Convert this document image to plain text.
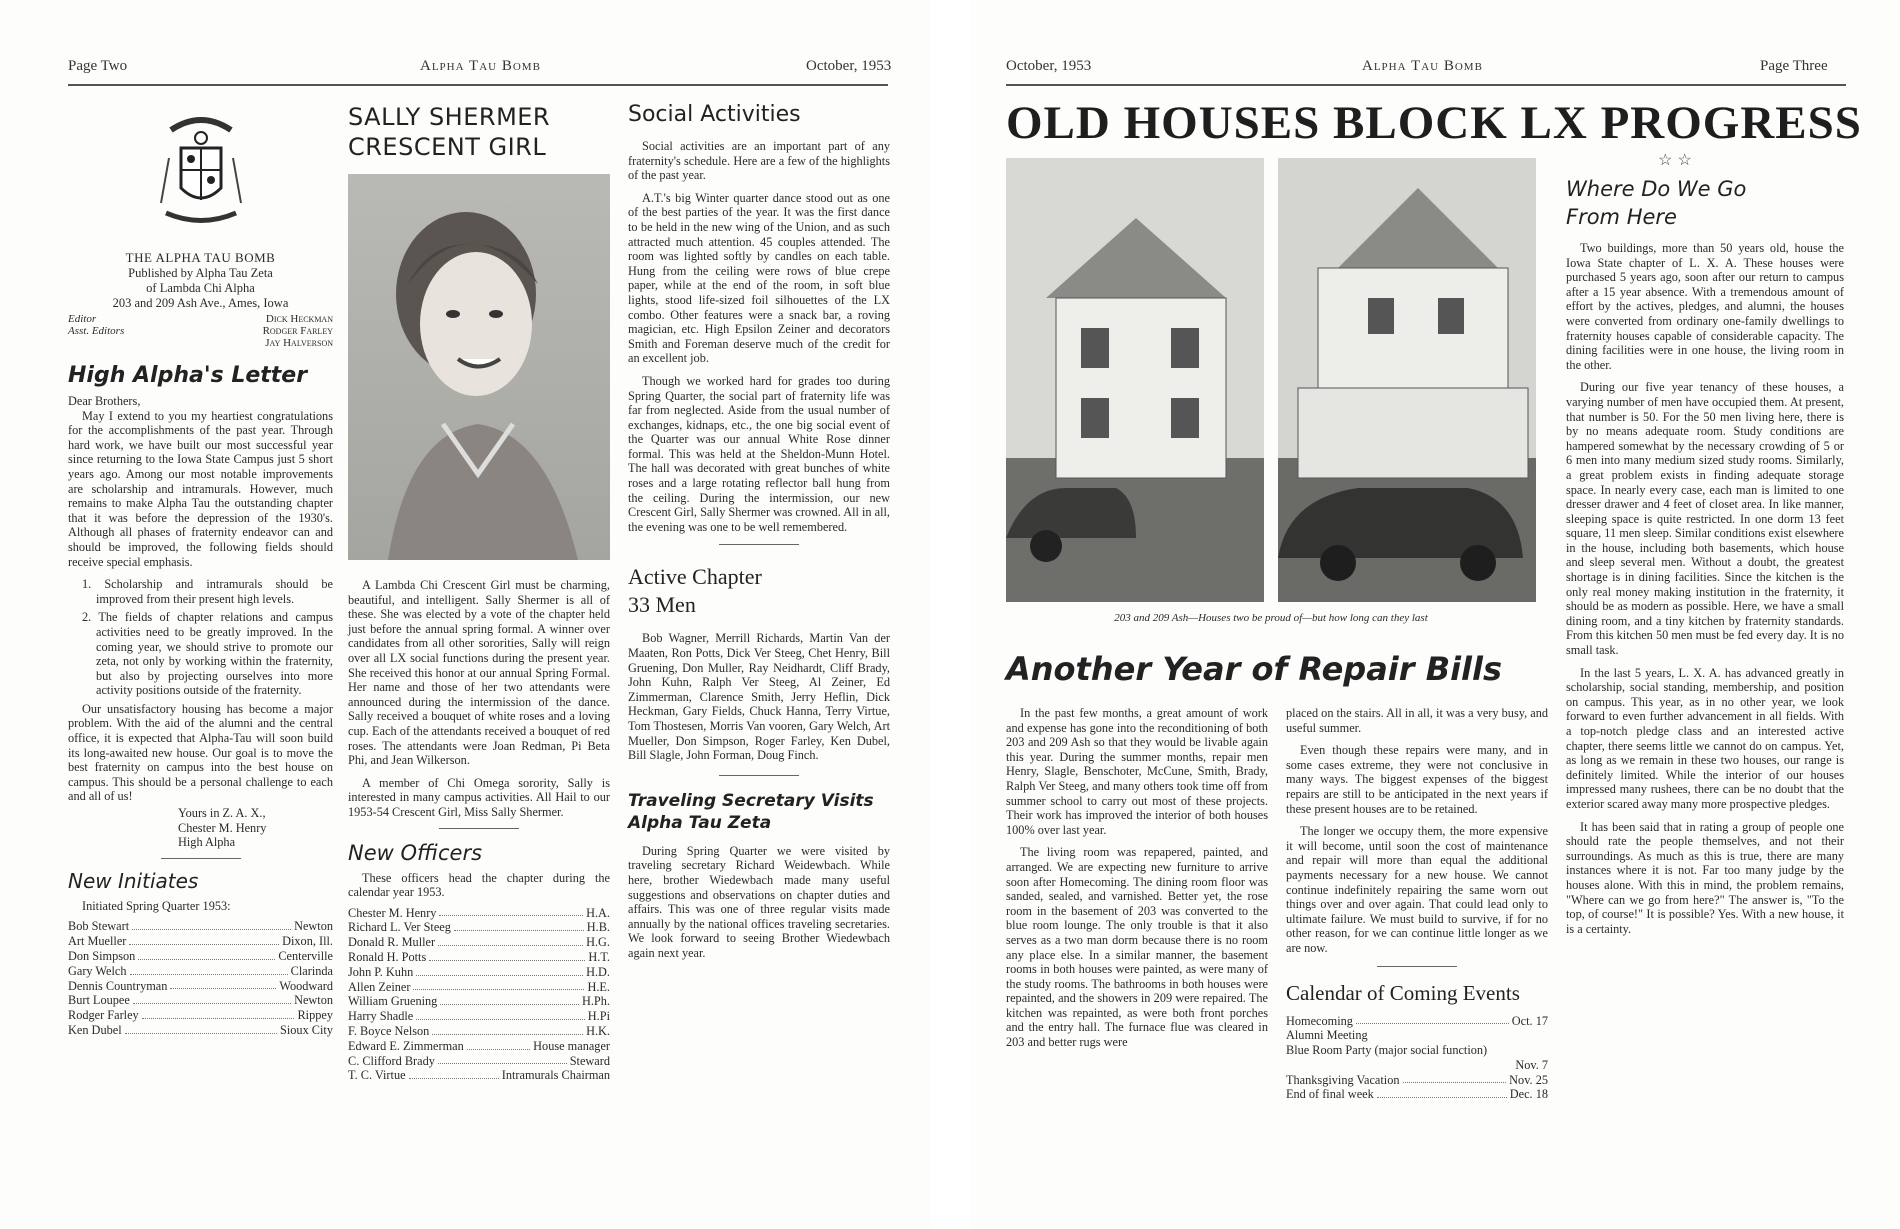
Page Two	Alpha Tau Bomb	October, 1953
THE ALPHA TAU BOMB
Published by Alpha Tau Zeta
of Lambda Chi Alpha
203 and 209 Ash Ave., Ames, Iowa
Editor	Dick Heckman
Asst. Editors	Rodger Farley
Jay Halverson
High Alpha's Letter
Dear Brothers,
May I extend to you my heartiest congratulations for the accomplishments of the past year. Through hard work, we have built our most successful year since returning to the Iowa State Campus just 5 short years ago. Among our most notable improvements are scholarship and intramurals. However, much remains to make Alpha Tau the outstanding chapter that it was before the depression of the 1930's. Although all phases of fraternity endeavor can and should be improved, the following fields should receive special emphasis.
1. Scholarship and intramurals should be improved from their present high levels.
2. The fields of chapter relations and campus activities need to be greatly improved. In the coming year, we should strive to promote our zeta, not only by working within the fraternity, but also by projecting ourselves into more activity positions outside of the fraternity.
Our unsatisfactory housing has become a major problem. With the aid of the alumni and the central office, it is expected that Alpha-Tau will soon build its long-awaited new house. Our goal is to move the best fraternity on campus into the best house on campus. This should be a personal challenge to each and all of us!
Yours in Z. A. X.,
Chester M. Henry
High Alpha
New Initiates
Initiated Spring Quarter 1953:
Bob Stewart	Newton
Art Mueller	Dixon, Ill.
Don Simpson	Centerville
Gary Welch	Clarinda
Dennis Countryman	Woodward
Burt Loupee	Newton
Rodger Farley	Rippey
Ken Dubel	Sioux City
SALLY SHERMER
CRESCENT GIRL
A Lambda Chi Crescent Girl must be charming, beautiful, and intelligent. Sally Shermer is all of these. She was elected by a vote of the chapter held just before the annual spring formal. A winner over candidates from all other sororities, Sally will reign over all LX social functions during the present year. She received this honor at our annual Spring Formal. Her name and those of her two attendants were announced during the intermission of the dance. Sally received a bouquet of white roses and a loving cup. Each of the attendants received a bouquet of red roses. The attendants were Joan Redman, Pi Beta Phi, and Jean Wilkerson.
A member of Chi Omega sorority, Sally is interested in many campus activities. All Hail to our 1953-54 Crescent Girl, Miss Sally Shermer.
New Officers
These officers head the chapter during the calendar year 1953.
Chester M. Henry	H.A.
Richard L. Ver Steeg	H.B.
Donald R. Muller	H.G.
Ronald H. Potts	H.T.
John P. Kuhn	H.D.
Allen Zeiner	H.E.
William Gruening	H.Ph.
Harry Shadle	H.Pi
F. Boyce Nelson	H.K.
Edward E. Zimmerman	House manager
C. Clifford Brady	Steward
T. C. Virtue	Intramurals Chairman
Social Activities
Social activities are an important part of any fraternity's schedule. Here are a few of the highlights of the past year.
A.T.'s big Winter quarter dance stood out as one of the best parties of the year. It was the first dance to be held in the new wing of the Union, and as such attracted much attention. 45 couples attended. The room was lighted softly by candles on each table. Hung from the ceiling were rows of blue crepe paper, while at the end of the room, in soft blue lights, stood life-sized foil silhouettes of the LX combo. Other features were a snack bar, a roving magician, etc. High Epsilon Zeiner and decorators Smith and Foreman deserve much of the credit for an excellent job.
Though we worked hard for grades too during Spring Quarter, the social part of fraternity life was far from neglected. Aside from the usual number of exchanges, kidnaps, etc., the one big social event of the Quarter was our annual White Rose dinner formal. This was held at the Sheldon-Munn Hotel. The hall was decorated with great bunches of white roses and a large rotating reflector ball hung from the ceiling. During the intermission, our new Crescent Girl, Sally Shermer was crowned. All in all, the evening was one to be well remembered.
Active Chapter
33 Men
Bob Wagner, Merrill Richards, Martin Van der Maaten, Ron Potts, Dick Ver Steeg, Chet Henry, Bill Gruening, Don Muller, Ray Neidhardt, Cliff Brady, John Kuhn, Ralph Ver Steeg, Al Zeiner, Ed Zimmerman, Clarence Smith, Jerry Heflin, Dick Heckman, Gary Fields, Chuck Hanna, Terry Virtue, Tom Thostesen, Morris Van vooren, Gary Welch, Art Mueller, Don Simpson, Roger Farley, Ken Dubel, Bill Slagle, John Forman, Doug Finch.
Traveling Secretary Visits
Alpha Tau Zeta
During Spring Quarter we were visited by traveling secretary Richard Weidewbach. While here, brother Wiedewbach made many useful suggestions and observations on chapter duties and affairs. This was one of three regular visits made annually by the national offices traveling secretaries. We look forward to seeing Brother Wiedewbach again next year.
October, 1953	Alpha Tau Bomb	Page Three
OLD HOUSES BLOCK LX PROGRESS
203 and 209 Ash—Houses two be proud of—but how long can they last
Another Year of Repair Bills
In the past few months, a great amount of work and expense has gone into the reconditioning of both 203 and 209 Ash so that they would be livable again this year. During the summer months, repair men Henry, Slagle, Benschoter, McCune, Smith, Brady, Ralph Ver Steeg, and many others took time off from summer school to carry out most of these projects. Their work has improved the interior of both houses 100% over last year.
The living room was repapered, painted, and arranged. We are expecting new furniture to arrive soon after Homecoming. The dining room floor was sanded, sealed, and varnished. Better yet, the rose room in the basement of 203 was converted to the blue room lounge. The only trouble is that it also serves as a two man dorm because there is no room any place else. In a similar manner, the basement rooms in both houses were painted, as were many of the study rooms. The bathrooms in both houses were repainted, and the showers in 209 were repaired. The kitchen was repainted, as were both front porches and the entry hall. The furnace flue was cleared in 203 and better rugs were
placed on the stairs. All in all, it was a very busy, and useful summer.
Even though these repairs were many, and in some cases extreme, they were not conclusive in many ways. The biggest expenses of the biggest repairs are still to be anticipated in the next years if these present houses are to be retained.
The longer we occupy them, the more expensive it will become, until soon the cost of maintenance and repair will more than equal the additional payments necessary for a new house. We cannot continue indefinitely repairing the same worn out things over and over again. That could lead only to ultimate failure. We must build to survive, if for no other reason, for we can continue little longer as we are now.
Calendar of Coming Events
Homecoming	Oct. 17
Alumni Meeting
Blue Room Party (major social function)
Nov. 7
Thanksgiving Vacation	Nov. 25
End of final week	Dec. 18
☆ ☆
Where Do We Go
From Here
Two buildings, more than 50 years old, house the Iowa State chapter of L. X. A. These houses were purchased 5 years ago, soon after our return to campus after a 15 year absence. With a tremendous amount of effort by the actives, pledges, and alumni, the houses were converted from ordinary one-family dwellings to fraternity houses capable of considerable capacity. The dining facilities were in one house, the living room in the other.
During our five year tenancy of these houses, a varying number of men have occupied them. At present, that number is 50. For the 50 men living here, there is by no means adequate room. Study conditions are hampered somewhat by the necessary crowding of 5 or 6 men into many medium sized study rooms. Similarly, a great problem exists in finding adequate storage space. In nearly every case, each man is limited to one dresser drawer and 4 feet of closet area. In like manner, sleeping space is quite restricted. In one dorm 13 feet square, 11 men sleep. Similar conditions exist elsewhere in the house, including both basements, which house and sleep several men. Without a doubt, the greatest shortage is in dining facilities. Since the kitchen is the only real money making institution in the fraternity, it should be as modern as possible. Here, we have a small dining room, and a tiny kitchen by fraternity standards. From this kitchen 50 men must be fed every day. It is no small task.
In the last 5 years, L. X. A. has advanced greatly in scholarship, social standing, membership, and position on campus. This year, as in no other year, we look forward to even further advancement in all fields. With a top-notch pledge class and an interested active chapter, there seems little we cannot do on campus. Yet, as long as we remain in these two houses, our range is definitely limited. While the interior of our houses impressed many rushees, there can be no doubt that the exterior scared away many more prospective pledges.
It has been said that in rating a group of people one should rate the people themselves, and not their surroundings. As much as this is true, there are many instances where it is not. Far too many judge by the houses alone. With this in mind, the problem remains, "Where can we go from here?" The answer is, "To the top, of course!" It is possible? Yes. With a new house, it is a certainty.
